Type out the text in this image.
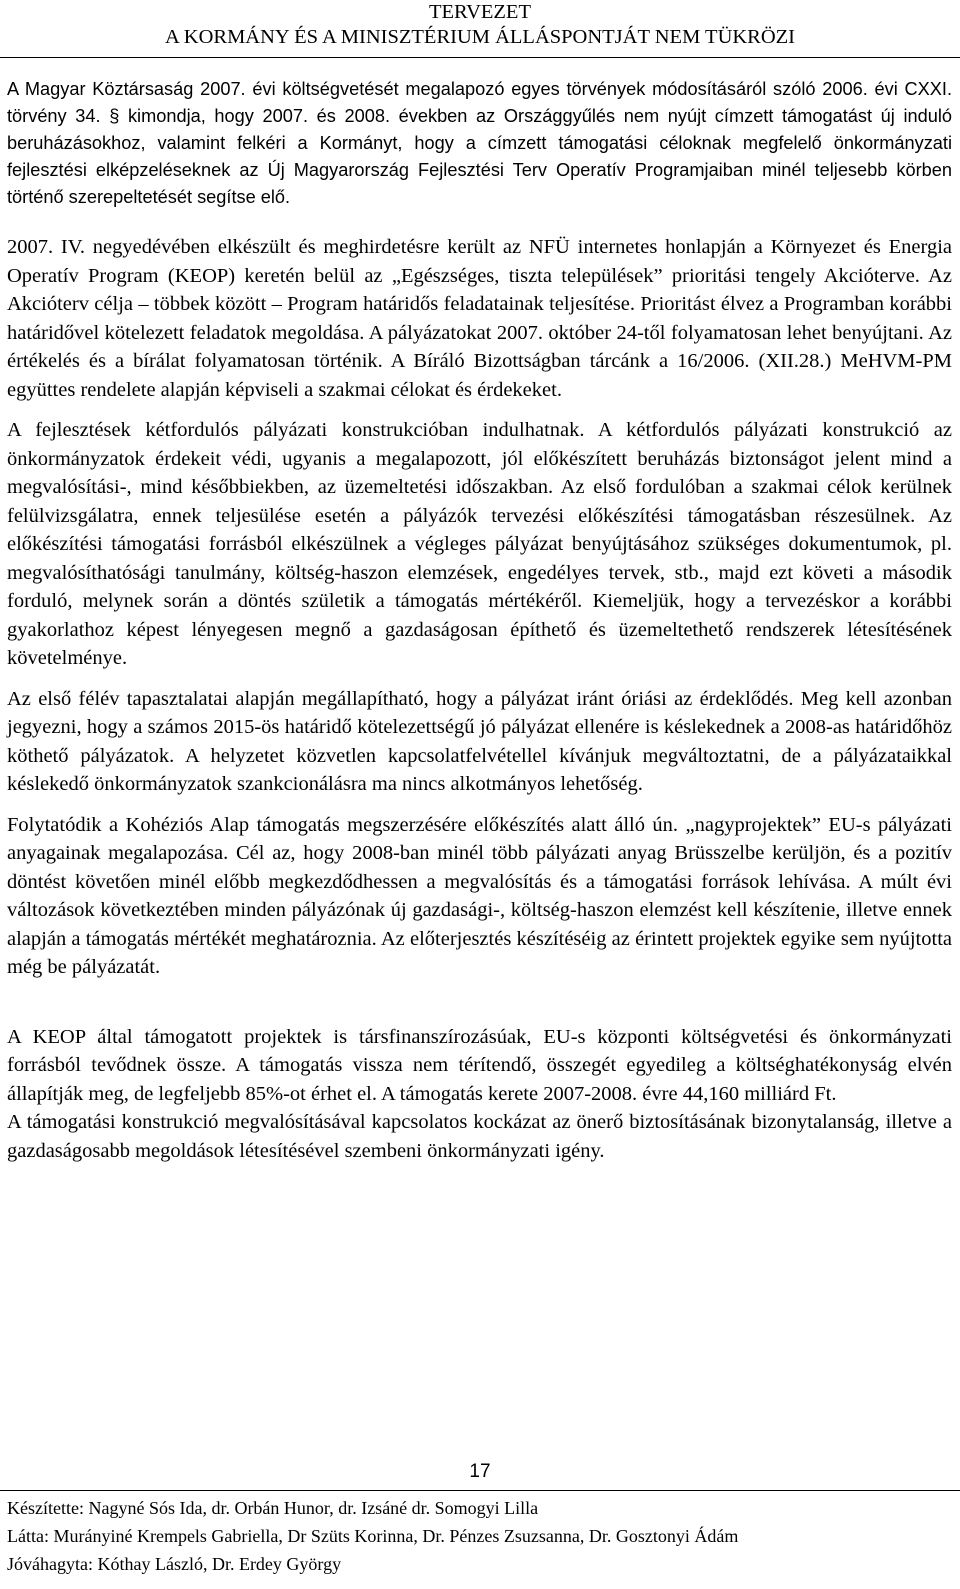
TERVEZET
A KORMÁNY ÉS A MINISZTÉRIUM ÁLLÁSPONTJÁT NEM TÜKRÖZI

A Magyar Köztársaság 2007. évi költségvetését megalapozó egyes törvények módosításáról szóló 2006. évi CXXI. törvény 34. § kimondja, hogy 2007. és 2008. években az Országgyűlés nem nyújt címzett támogatást új induló beruházásokhoz, valamint felkéri a Kormányt, hogy a címzett támogatási céloknak megfelelő önkormányzati fejlesztési elképzeléseknek az Új Magyarország Fejlesztési Terv Operatív Programjaiban minél teljesebb körben történő szerepeltetését segítse elő.

2007. IV. negyedévében elkészült és meghirdetésre került az NFÜ internetes honlapján a Környezet és Energia Operatív Program (KEOP) keretén belül az „Egészséges, tiszta települések” prioritási tengely Akcióterve. Az Akcióterv célja – többek között – Program határidős feladatainak teljesítése. Prioritást élvez a Programban korábbi határidővel kötelezett feladatok megoldása. A pályázatokat 2007. október 24-től folyamatosan lehet benyújtani. Az értékelés és a bírálat folyamatosan történik. A Bíráló Bizottságban tárcánk a 16/2006. (XII.28.) MeHVM-PM együttes rendelete alapján képviseli a szakmai célokat és érdekeket.

A fejlesztések kétfordulós pályázati konstrukcióban indulhatnak. A kétfordulós pályázati konstrukció az önkormányzatok érdekeit védi, ugyanis a megalapozott, jól előkészített beruházás biztonságot jelent mind a megvalósítási-, mind későbbiekben, az üzemeltetési időszakban. Az első fordulóban a szakmai célok kerülnek felülvizsgálatra, ennek teljesülése esetén a pályázók tervezési előkészítési támogatásban részesülnek. Az előkészítési támogatási forrásból elkészülnek a végleges pályázat benyújtásához szükséges dokumentumok, pl. megvalósíthatósági tanulmány, költség-haszon elemzések, engedélyes tervek, stb., majd ezt követi a második forduló, melynek során a döntés születik a támogatás mértékéről. Kiemeljük, hogy a tervezéskor a korábbi gyakorlathoz képest lényegesen megnő a gazdaságosan építhető és üzemeltethető rendszerek létesítésének követelménye.

Az első félév tapasztalatai alapján megállapítható, hogy a pályázat iránt óriási az érdeklődés. Meg kell azonban jegyezni, hogy a számos 2015-ös határidő kötelezettségű jó pályázat ellenére is késlekednek a 2008-as határidőhöz köthető pályázatok. A helyzetet közvetlen kapcsolatfelvétellel kívánjuk megváltoztatni, de a pályázataikkal késlekedő önkormányzatok szankcionálásra ma nincs alkotmányos lehetőség.

Folytatódik a Kohéziós Alap támogatás megszerzésére előkészítés alatt álló ún. „nagyprojektek” EU-s pályázati anyagainak megalapozása. Cél az, hogy 2008-ban minél több pályázati anyag Brüsszelbe kerüljön, és a pozitív döntést követően minél előbb megkezdődhessen a megvalósítás és a támogatási források lehívása. A múlt évi változások következtében minden pályázónak új gazdasági-, költség-haszon elemzést kell készítenie, illetve ennek alapján a támogatás mértékét meghatároznia. Az előterjesztés készítéséig az érintett projektek egyike sem nyújtotta még be pályázatát.

A KEOP által támogatott projektek is társfinanszírozásúak, EU-s központi költségvetési és önkormányzati forrásból tevődnek össze. A támogatás vissza nem térítendő, összegét egyedileg a költséghatékonyság elvén állapítják meg, de legfeljebb 85%-ot érhet el. A támogatás kerete 2007-2008. évre 44,160 milliárd Ft.

A támogatási konstrukció megvalósításával kapcsolatos kockázat az önerő biztosításának bizonytalanság, illetve a gazdaságosabb megoldások létesítésével szembeni önkormányzati igény.

17
Készítette: Nagyné Sós Ida, dr. Orbán Hunor, dr. Izsáné dr. Somogyi Lilla
Látta: Murányiné Krempels Gabriella, Dr Szüts Korinna, Dr. Pénzes Zsuzsanna, Dr. Gosztonyi Ádám
Jóváhagyta: Kóthay László, Dr. Erdey György
